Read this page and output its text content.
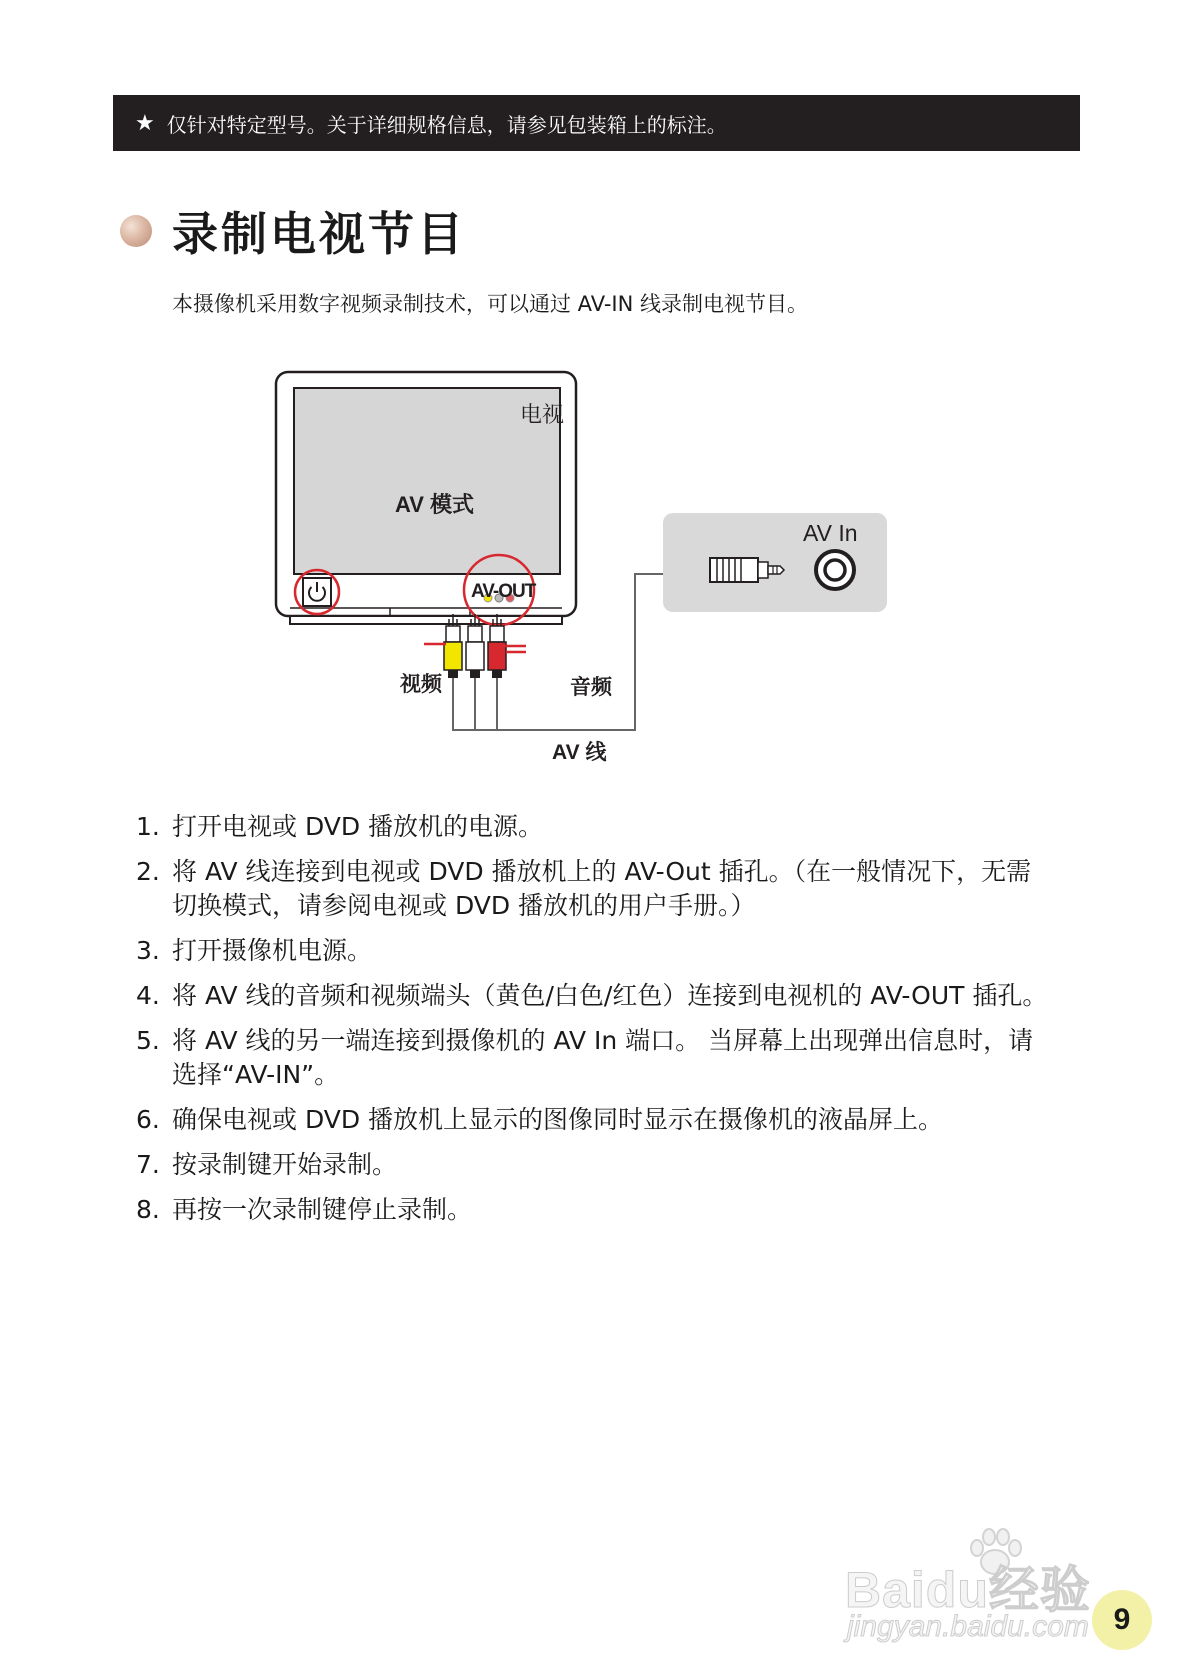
★ 仅针对特定型号。关于详细规格信息，请参见包装箱上的标注。
录制电视节目
本摄像机采用数字视频录制技术，可以通过 AV-IN 线录制电视节目。
电视
AV 模式
AV-OUT
AV In
视频	音频
AV 线
1. 打开电视或 DVD 播放机的电源。
2. 将 AV 线连接到电视或 DVD 播放机上的 AV-Out 插孔。（在一般情况下，无需切换模式，请参阅电视或 DVD 播放机的用户手册。）
3. 打开摄像机电源。
4. 将 AV 线的音频和视频端头（黄色/白色/红色）连接到电视机的 AV-OUT 插孔。
5. 将 AV 线的另一端连接到摄像机的 AV In 端口。 当屏幕上出现弹出信息时，请选择“AV-IN”。
6. 确保电视或 DVD 播放机上显示的图像同时显示在摄像机的液晶屏上。
7. 按录制键开始录制。
8. 再按一次录制键停止录制。
Baidu经验
jingyan.baidu.com 9
